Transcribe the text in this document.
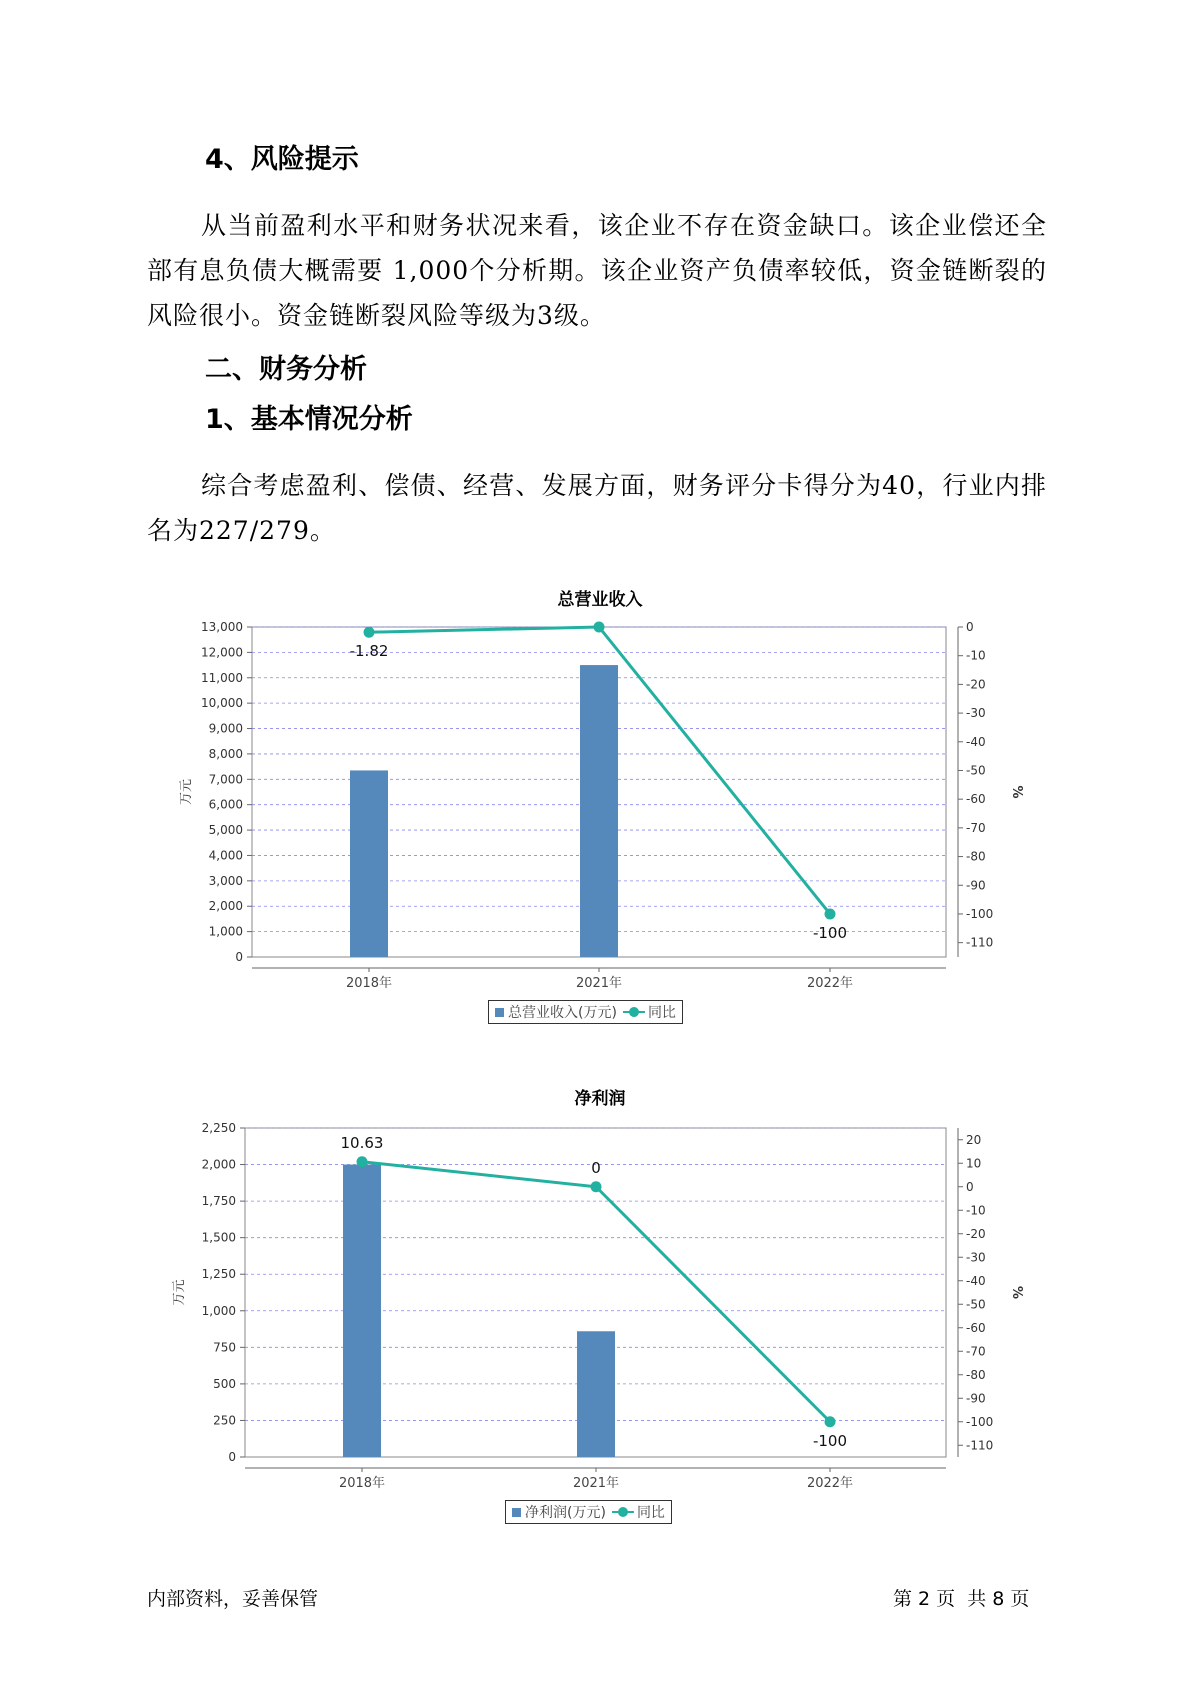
4、风险提示

从当前盈利水平和财务状况来看，该企业不存在资金缺口。该企业偿还全部有息负债大概需要 1,000个分析期。该企业资产负债率较低，资金链断裂的风险很小。资金链断裂风险等级为3级。

二、财务分析
1、基本情况分析

综合考虑盈利、偿债、经营、发展方面，财务评分卡得分为40，行业内排名为227/279。

总营业收入
0
1,000
2,000
3,000
4,000
5,000
6,000
7,000
8,000
9,000
10,000
11,000
12,000
13,000	0
-10
-20
-30
-40
-50
-60
-70
-80
-90
-100
-110
万元	%
2018年	2021年	2022年
-1.82
-100
总营业收入(万元) 同比
净利润
0
250
500
750
1,000
1,250
1,500
1,750
2,000
2,250
20
10
0
-10
-20
-30
-40
-50
-60
-70
-80
-90
-100
-110
万元	%
2018年	2021年	2022年
10.63
0
-100
净利润(万元) 同比
内部资料，妥善保管	第 2 页  共 8 页
